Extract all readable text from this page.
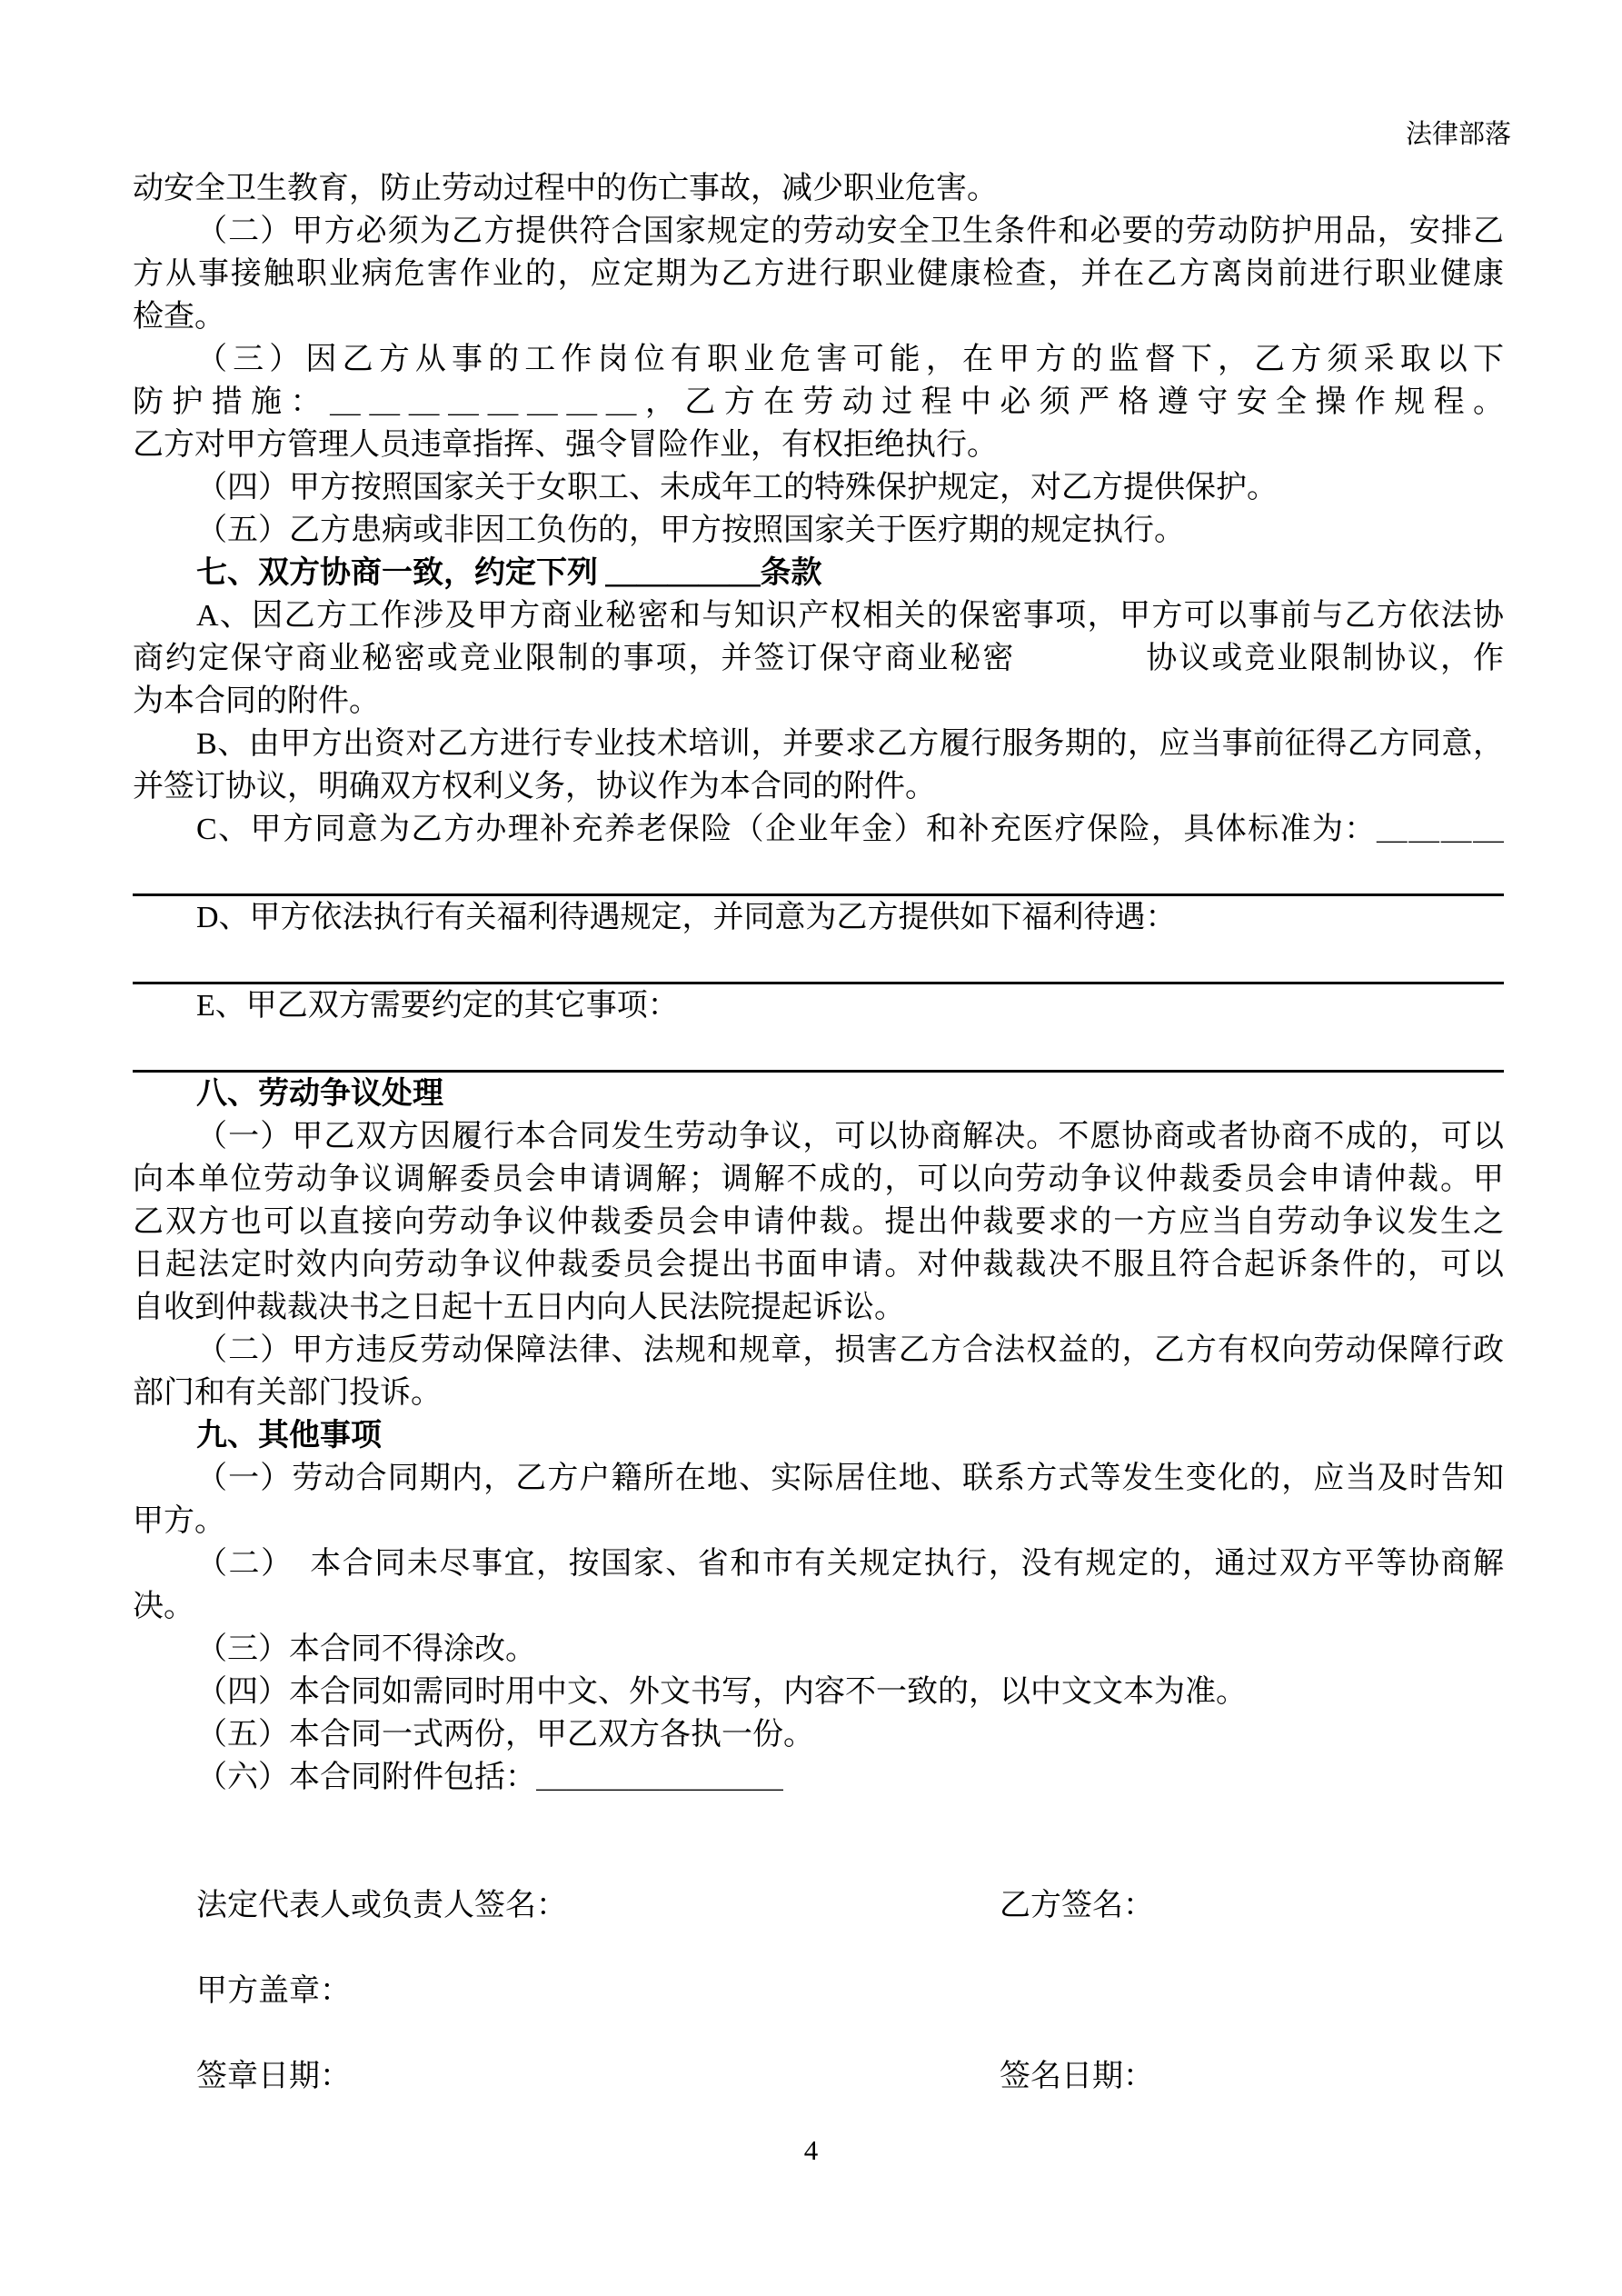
法律部落
动安全卫生教育，防止劳动过程中的伤亡事故，减少职业危害。
（二）甲方必须为乙方提供符合国家规定的劳动安全卫生条件和必要的劳动防护用品，安排乙
方从事接触职业病危害作业的，应定期为乙方进行职业健康检查，并在乙方离岗前进行职业健康
检查。
（三）因乙方从事的工作岗位有职业危害可能，在甲方的监督下，乙方须采取以下
防护措施：＿＿＿＿＿＿＿＿，乙方在劳动过程中必须严格遵守安全操作规程。
乙方对甲方管理人员违章指挥、强令冒险作业，有权拒绝执行。
（四）甲方按照国家关于女职工、未成年工的特殊保护规定，对乙方提供保护。
（五）乙方患病或非因工负伤的，甲方按照国家关于医疗期的规定执行。
七、双方协商一致，约定下列 ＿＿＿＿＿条款
A、因乙方工作涉及甲方商业秘密和与知识产权相关的保密事项，甲方可以事前与乙方依法协
商约定保守商业秘密或竞业限制的事项，并签订保守商业秘密　　　　协议或竞业限制协议，作
为本合同的附件。
B、由甲方出资对乙方进行专业技术培训，并要求乙方履行服务期的，应当事前征得乙方同意，
并签订协议，明确双方权利义务，协议作为本合同的附件。
C、甲方同意为乙方办理补充养老保险（企业年金）和补充医疗保险，具体标准为：＿＿＿＿
D、甲方依法执行有关福利待遇规定，并同意为乙方提供如下福利待遇：
E、甲乙双方需要约定的其它事项：
八、劳动争议处理
（一）甲乙双方因履行本合同发生劳动争议，可以协商解决。不愿协商或者协商不成的，可以
向本单位劳动争议调解委员会申请调解；调解不成的，可以向劳动争议仲裁委员会申请仲裁。甲
乙双方也可以直接向劳动争议仲裁委员会申请仲裁。提出仲裁要求的一方应当自劳动争议发生之
日起法定时效内向劳动争议仲裁委员会提出书面申请。对仲裁裁决不服且符合起诉条件的，可以
自收到仲裁裁决书之日起十五日内向人民法院提起诉讼。
（二）甲方违反劳动保障法律、法规和规章，损害乙方合法权益的，乙方有权向劳动保障行政
部门和有关部门投诉。
九、其他事项
（一）劳动合同期内，乙方户籍所在地、实际居住地、联系方式等发生变化的，应当及时告知
甲方。
（二）　本合同未尽事宜，按国家、省和市有关规定执行，没有规定的，通过双方平等协商解
决。
（三）本合同不得涂改。
（四）本合同如需同时用中文、外文书写，内容不一致的，以中文文本为准。
（五）本合同一式两份，甲乙双方各执一份。
（六）本合同附件包括：＿＿＿＿＿＿＿＿
法定代表人或负责人签名：	乙方签名：
甲方盖章：
签章日期：	签名日期：
4
